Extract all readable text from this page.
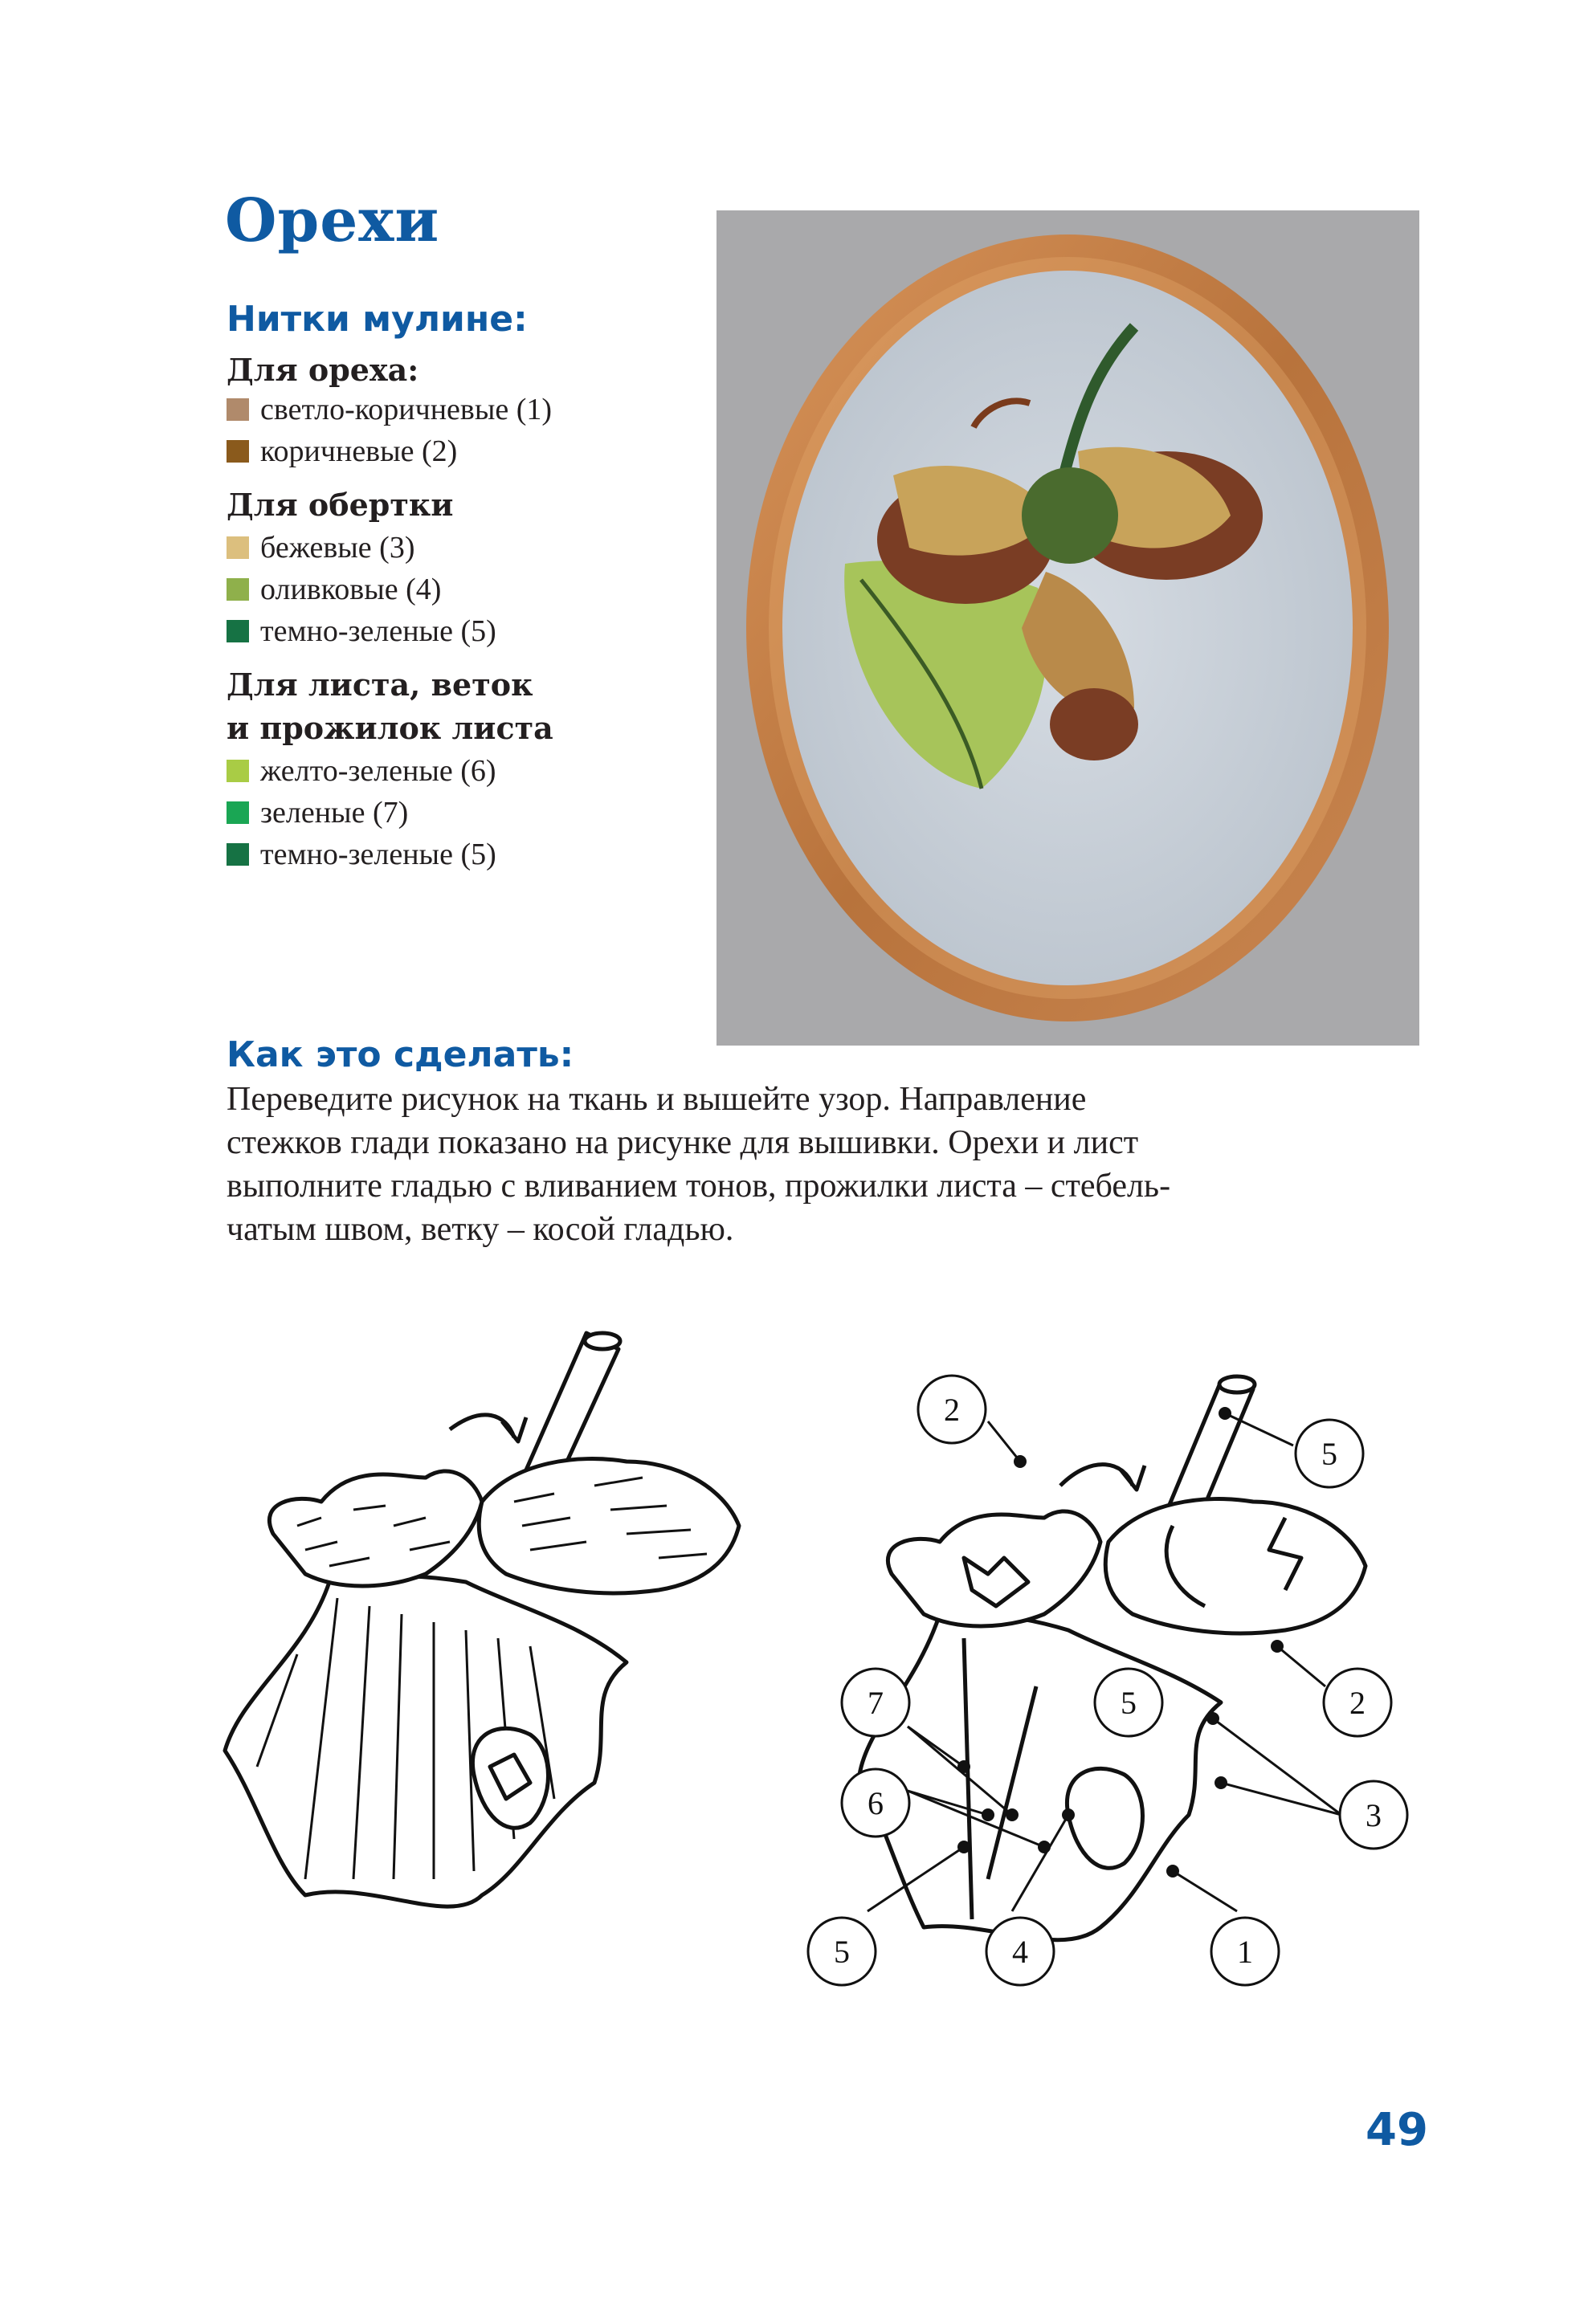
Орехи
Нитки мулине:
Для ореха:
светло-коричневые (1)
коричневые (2)
Для обертки
бежевые (3)
оливковые (4)
темно-зеленые (5)
Для листа, веток
и прожилок листа
желто-зеленые (6)
зеленые (7)
темно-зеленые (5)
Как это сделать:
Переведите рисунок на ткань и вышейте узор. Направление
стежков глади показано на рисунке для вышивки. Орехи и лист
выполните гладью с вливанием тонов, прожилки листа – стебель-
чатым швом, ветку – косой гладью.
2
5
2
5
7
6	3
5	4	1
49
